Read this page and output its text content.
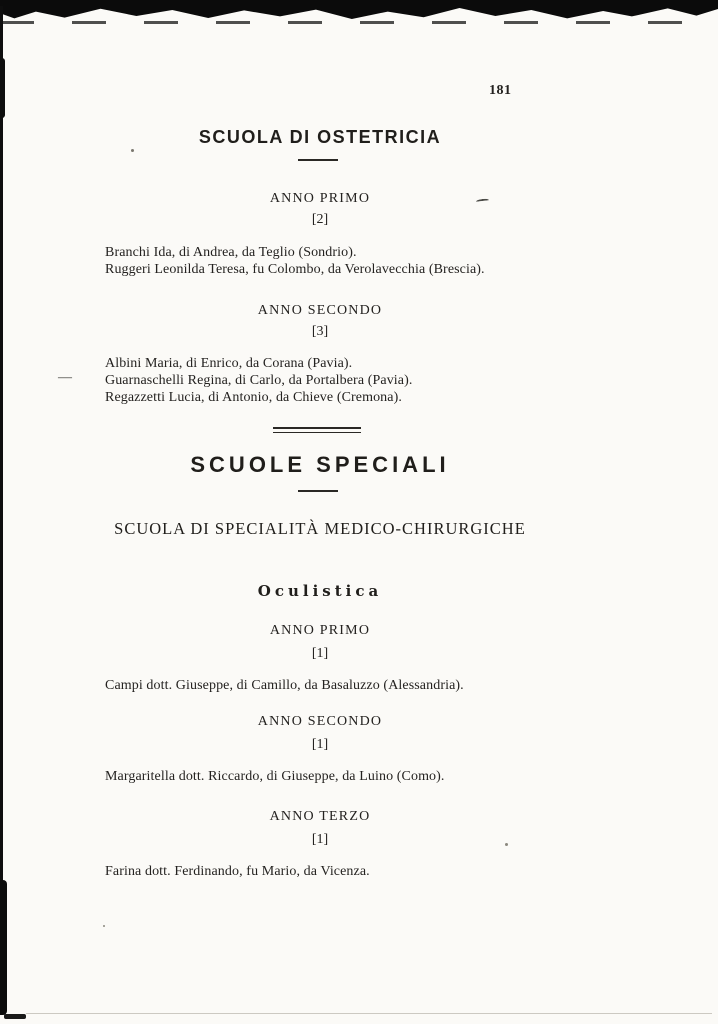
181
SCUOLA DI OSTETRICIA
ANNO PRIMO
[2]
Branchi Ida, di Andrea, da Teglio (Sondrio).
Ruggeri Leonilda Teresa, fu Colombo, da Verolavecchia (Brescia).
ANNO SECONDO
[3]
Albini Maria, di Enrico, da Corana (Pavia).
Guarnaschelli Regina, di Carlo, da Portalbera (Pavia).
Regazzetti Lucia, di Antonio, da Chieve (Cremona).
—
SCUOLE SPECIALI
SCUOLA DI SPECIALITÀ MEDICO-CHIRURGICHE
Oculistica
ANNO PRIMO
[1]
Campi dott. Giuseppe, di Camillo, da Basaluzzo (Alessandria).
ANNO SECONDO
[1]
Margaritella dott. Riccardo, di Giuseppe, da Luino (Como).
ANNO TERZO
[1]
Farina dott. Ferdinando, fu Mario, da Vicenza.
